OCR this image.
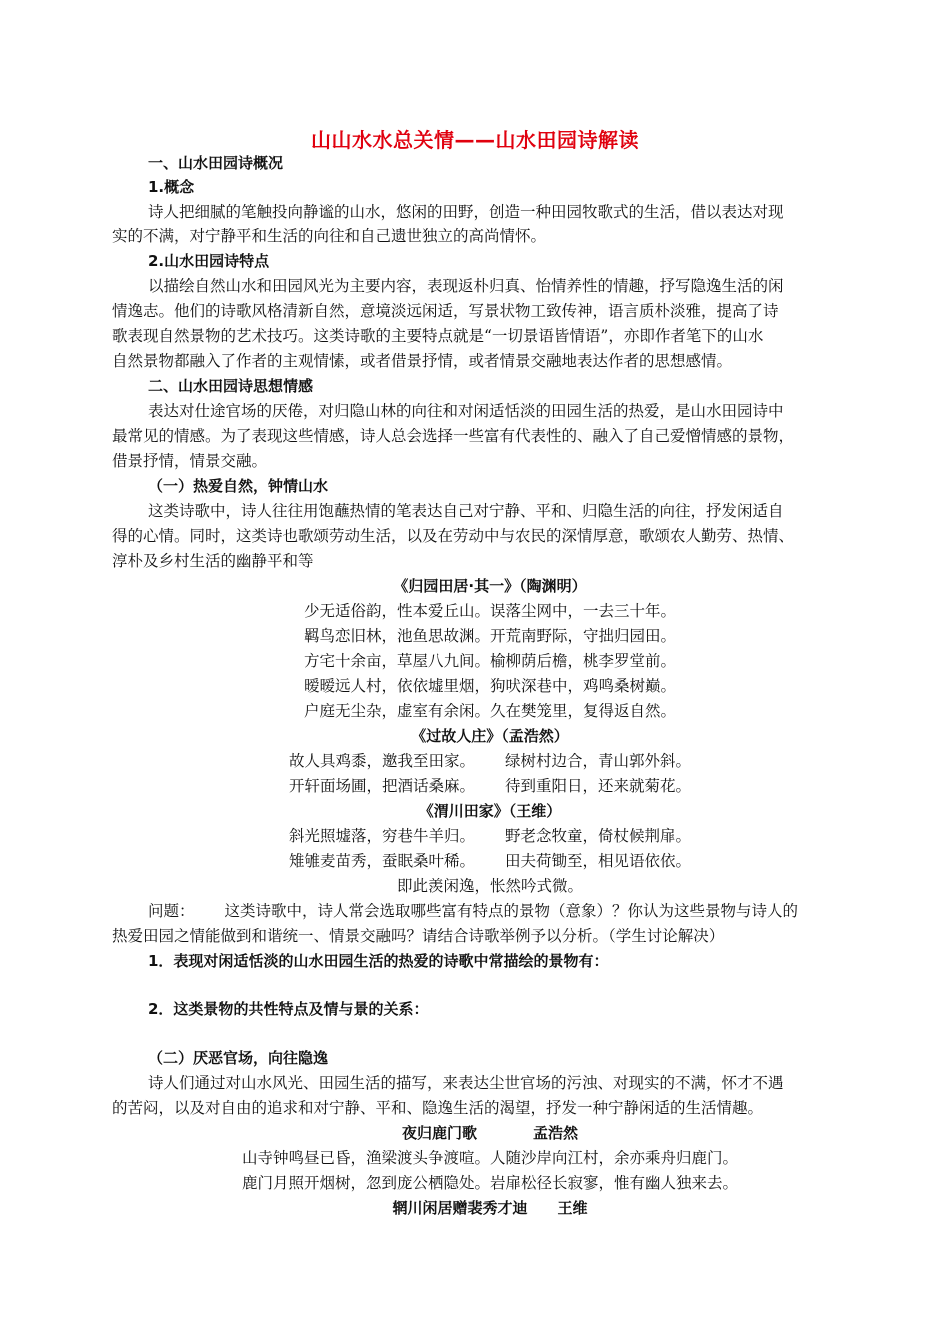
山山水水总关情——山水田园诗解读
一、山水田园诗概况
1.概念
诗人把细腻的笔触投向静谧的山水，悠闲的田野，创造一种田园牧歌式的生活，借以表达对现
实的不满，对宁静平和生活的向往和自己遗世独立的高尚情怀。
2.山水田园诗特点
以描绘自然山水和田园风光为主要内容，表现返朴归真、怡情养性的情趣，抒写隐逸生活的闲
情逸志。他们的诗歌风格清新自然，意境淡远闲适，写景状物工致传神，语言质朴淡雅，提高了诗
歌表现自然景物的艺术技巧。这类诗歌的主要特点就是“一切景语皆情语”，亦即作者笔下的山水
自然景物都融入了作者的主观情愫，或者借景抒情，或者情景交融地表达作者的思想感情。
二、山水田园诗思想情感
表达对仕途官场的厌倦，对归隐山林的向往和对闲适恬淡的田园生活的热爱，是山水田园诗中
最常见的情感。为了表现这些情感，诗人总会选择一些富有代表性的、融入了自己爱憎情感的景物，
借景抒情，情景交融。
（一）热爱自然，钟情山水
这类诗歌中，诗人往往用饱蘸热情的笔表达自己对宁静、平和、归隐生活的向往，抒发闲适自
得的心情。同时，这类诗也歌颂劳动生活，以及在劳动中与农民的深情厚意，歌颂农人勤劳、热情、
淳朴及乡村生活的幽静平和等
《归园田居·其一》（陶渊明）
少无适俗韵，性本爱丘山。误落尘网中，一去三十年。
羁鸟恋旧林，池鱼思故渊。开荒南野际，守拙归园田。
方宅十余亩，草屋八九间。榆柳荫后檐，桃李罗堂前。
暧暧远人村，依依墟里烟，狗吠深巷中，鸡鸣桑树巅。
户庭无尘杂，虚室有余闲。久在樊笼里，复得返自然。
《过故人庄》（孟浩然）
故人具鸡黍，邀我至田家。 绿树村边合，青山郭外斜。
开轩面场圃，把酒话桑麻。 待到重阳日，还来就菊花。
《渭川田家》（王维）
斜光照墟落，穷巷牛羊归。 野老念牧童，倚杖候荆扉。
雉雊麦苗秀，蚕眠桑叶稀。 田夫荷锄至，相见语依依。
即此羡闲逸，怅然吟式微。
问题： 这类诗歌中，诗人常会选取哪些富有特点的景物（意象）？你认为这些景物与诗人的
热爱田园之情能做到和谐统一、情景交融吗？请结合诗歌举例予以分析。（学生讨论解决）
1．表现对闲适恬淡的山水田园生活的热爱的诗歌中常描绘的景物有：
2．这类景物的共性特点及情与景的关系：
（二）厌恶官场，向往隐逸
诗人们通过对山水风光、田园生活的描写，来表达尘世官场的污浊、对现实的不满，怀才不遇
的苦闷，以及对自由的追求和对宁静、平和、隐逸生活的渴望，抒发一种宁静闲适的生活情趣。
夜归鹿门歌	孟浩然
山寺钟鸣昼已昏，渔梁渡头争渡喧。人随沙岸向江村，余亦乘舟归鹿门。
鹿门月照开烟树，忽到庞公栖隐处。岩扉松径长寂寥，惟有幽人独来去。
辋川闲居赠裴秀才迪 王维
